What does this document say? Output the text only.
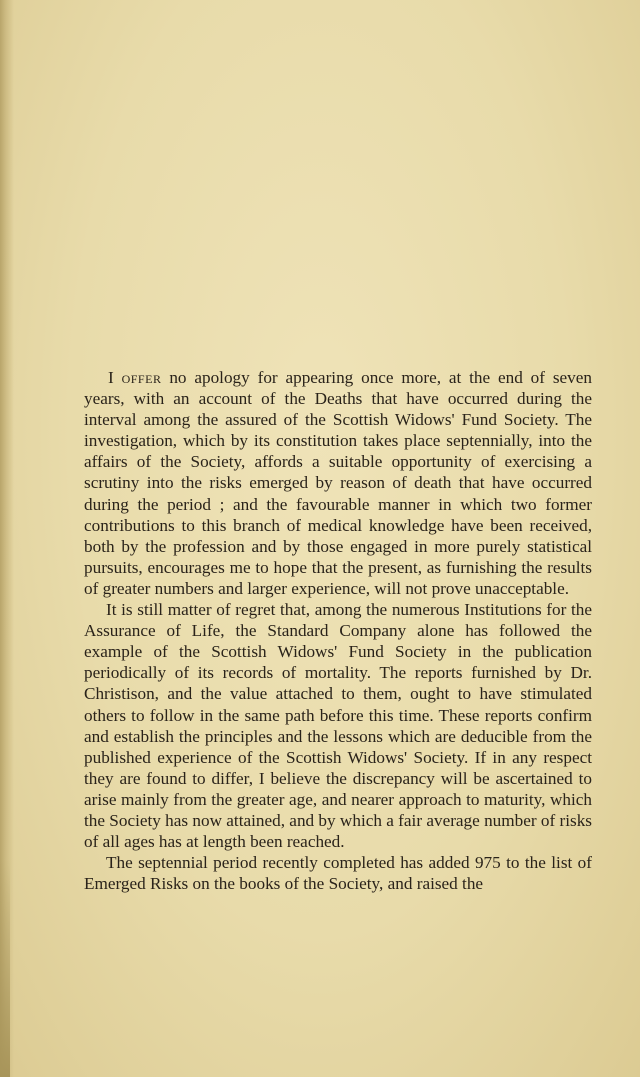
I offer no apology for appearing once more, at the end of seven years, with an account of the Deaths that have occurred during the interval among the assured of the Scottish Widows' Fund Society. The investigation, which by its constitution takes place septennially, into the affairs of the Society, affords a suitable opportunity of exercising a scrutiny into the risks emerged by reason of death that have occurred during the period ; and the favourable manner in which two former contributions to this branch of medical knowledge have been received, both by the profession and by those engaged in more purely statistical pursuits, encourages me to hope that the present, as furnishing the results of greater numbers and larger experience, will not prove unacceptable.

It is still matter of regret that, among the numerous Institutions for the Assurance of Life, the Standard Company alone has followed the example of the Scottish Widows' Fund Society in the publication periodically of its records of mortality. The reports furnished by Dr. Christison, and the value attached to them, ought to have stimulated others to follow in the same path before this time. These reports confirm and establish the principles and the lessons which are deducible from the published experience of the Scottish Widows' Society. If in any respect they are found to differ, I believe the discrepancy will be ascertained to arise mainly from the greater age, and nearer approach to maturity, which the Society has now attained, and by which a fair average number of risks of all ages has at length been reached.

The septennial period recently completed has added 975 to the list of Emerged Risks on the books of the Society, and raised the
